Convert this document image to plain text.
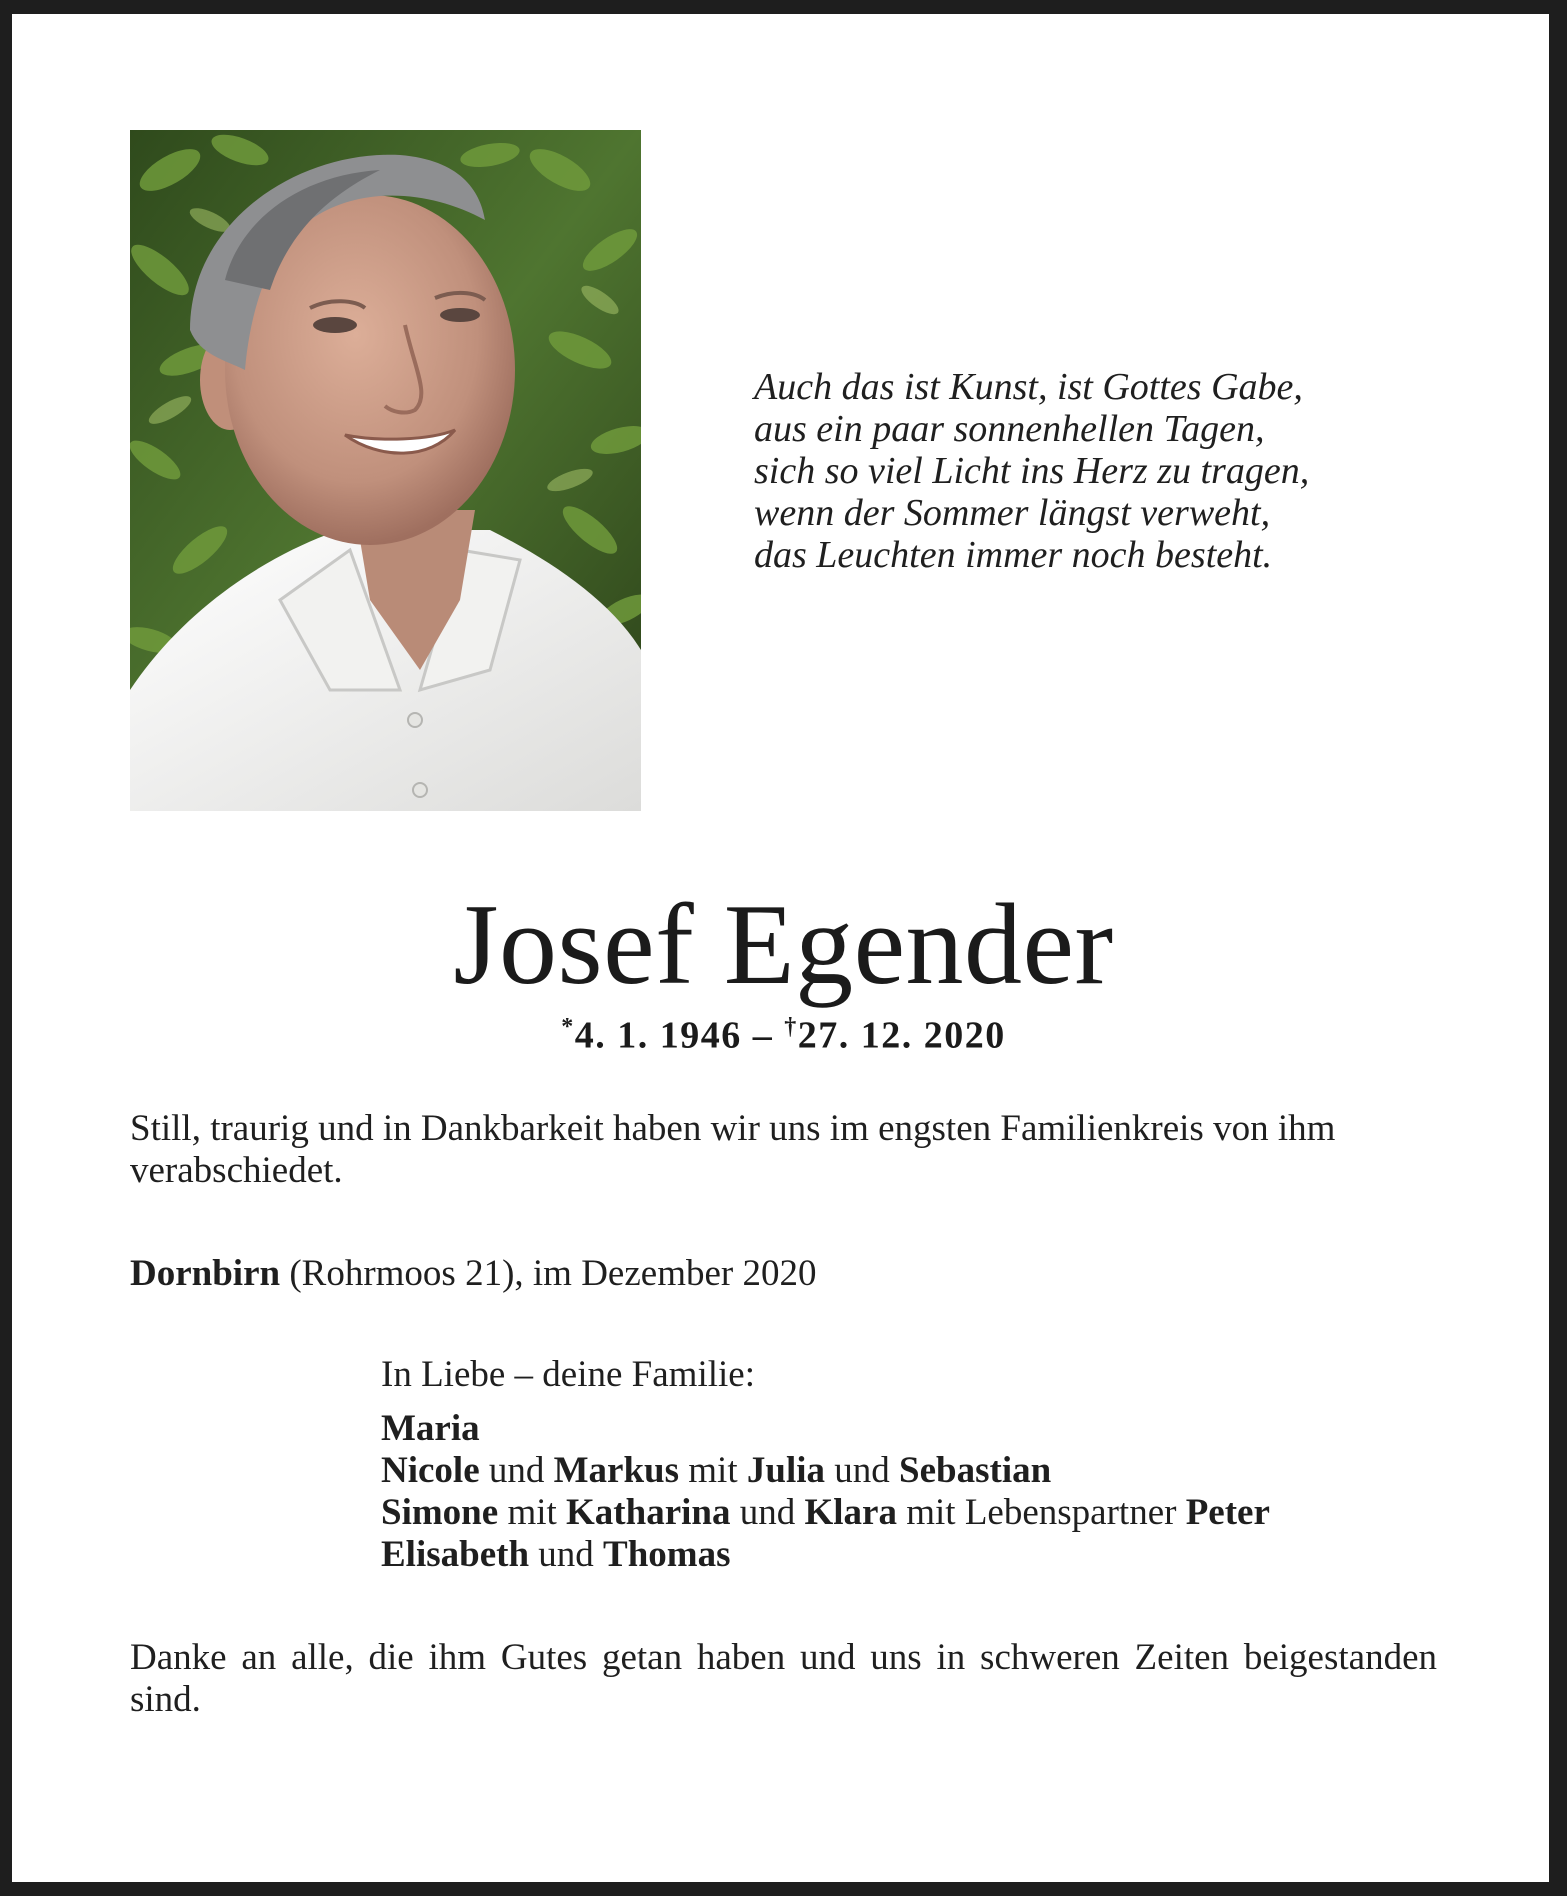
Auch das ist Kunst, ist Gottes Gabe,
aus ein paar sonnenhellen Tagen,
sich so viel Licht ins Herz zu tragen,
wenn der Sommer längst verweht,
das Leuchten immer noch besteht.
Josef Egender
*4. 1. 1946 – †27. 12. 2020
Still, traurig und in Dankbarkeit haben wir uns im engsten Familienkreis von ihm verabschiedet.
Dornbirn (Rohrmoos 21), im Dezember 2020
In Liebe – deine Familie:
Maria
Nicole und Markus mit Julia und Sebastian
Simone mit Katharina und Klara mit Lebenspartner Peter
Elisabeth und Thomas
Danke an alle, die ihm Gutes getan haben und uns in schweren Zeiten beigestanden sind.
